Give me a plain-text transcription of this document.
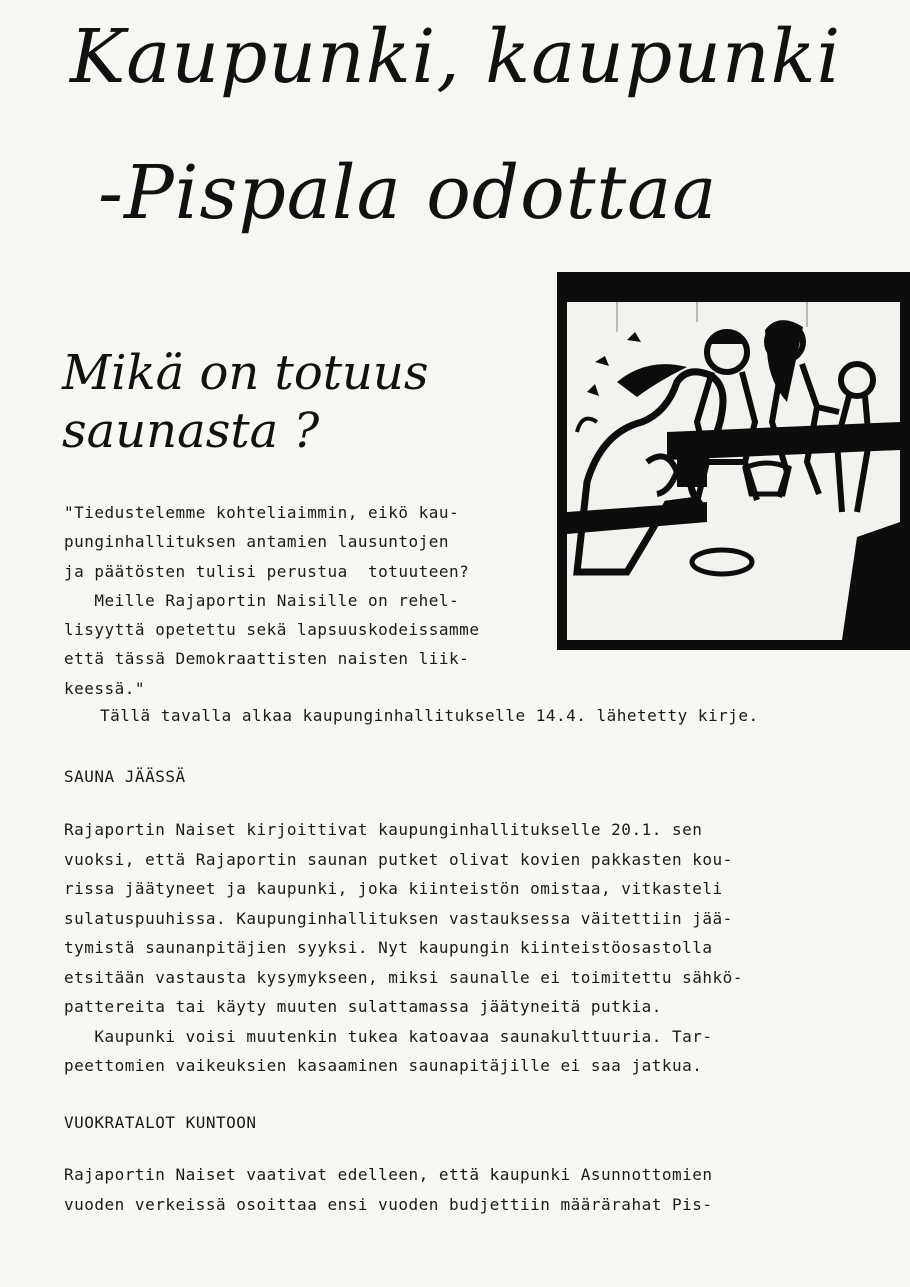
Kaupunki, kaupunki
-Pispala odottaa
Mikä on totuus
saunasta ?
"Tiedustelemme kohteliaimmin, eikö kau-
punginhallituksen antamien lausuntojen
ja päätösten tulisi perustua  totuuteen?
Meille Rajaportin Naisille on rehel-
lisyyttä opetettu sekä lapsuuskodeissamme
että tässä Demokraattisten naisten liik-
keessä."
Tällä tavalla alkaa kaupunginhallitukselle 14.4. lähetetty kirje.
SAUNA JÄÄSSÄ
Rajaportin Naiset kirjoittivat kaupunginhallitukselle 20.1. sen
vuoksi, että Rajaportin saunan putket olivat kovien pakkasten kou-
rissa jäätyneet ja kaupunki, joka kiinteistön omistaa, vitkasteli
sulatuspuuhissa. Kaupunginhallituksen vastauksessa väitettiin jää-
tymistä saunanpitäjien syyksi. Nyt kaupungin kiinteistöosastolla
etsitään vastausta kysymykseen, miksi saunalle ei toimitettu sähkö-
pattereita tai käyty muuten sulattamassa jäätyneitä putkia.
Kaupunki voisi muutenkin tukea katoavaa saunakulttuuria. Tar-
peettomien vaikeuksien kasaaminen saunapitäjille ei saa jatkua.
VUOKRATALOT KUNTOON
Rajaportin Naiset vaativat edelleen, että kaupunki Asunnottomien
vuoden verkeissä osoittaa ensi vuoden budjettiin määrärahat Pis-
